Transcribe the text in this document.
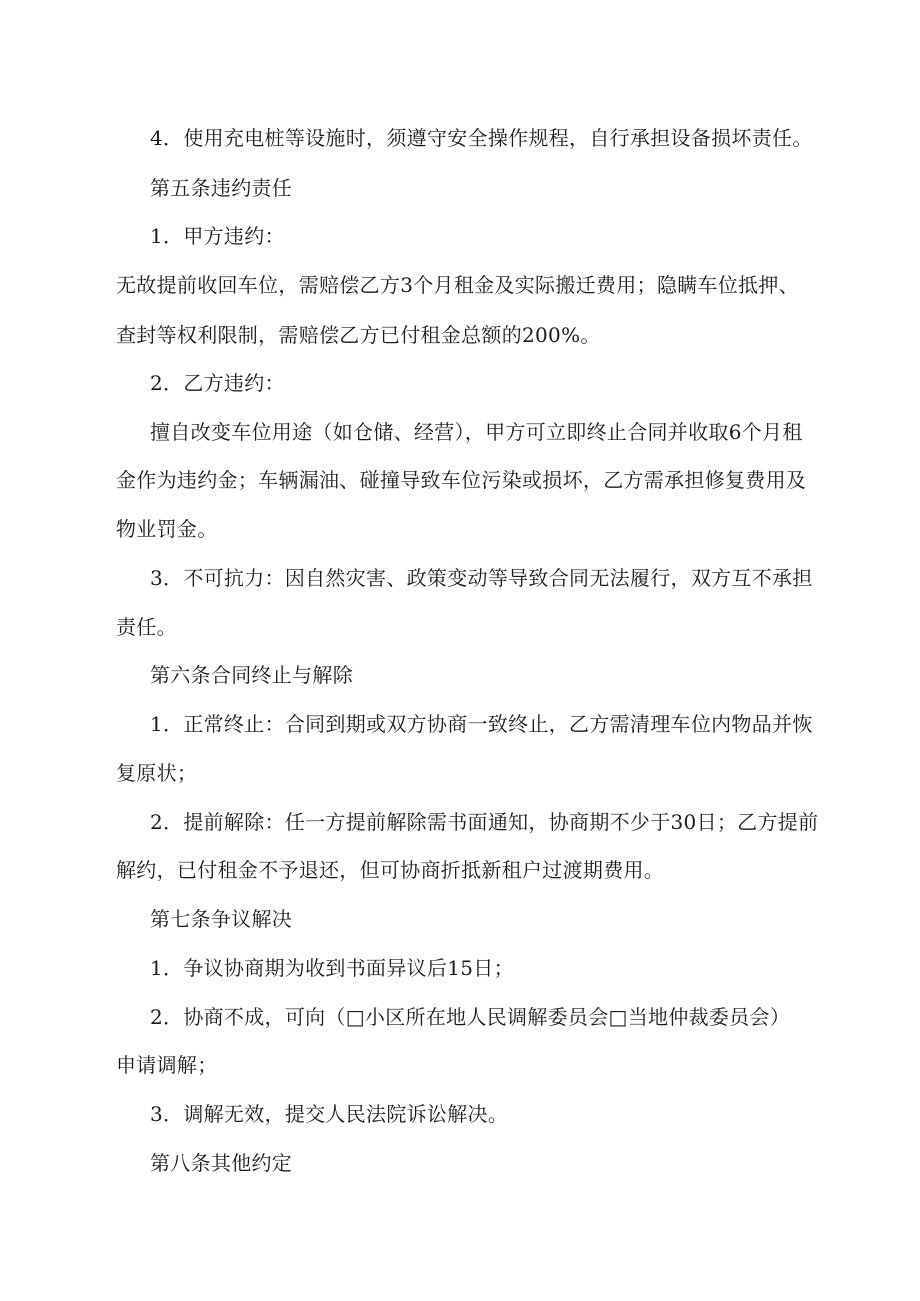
4．使用充电桩等设施时，须遵守安全操作规程，自行承担设备损坏责任。
第五条违约责任
1．甲方违约：
无故提前收回车位，需赔偿乙方3个月租金及实际搬迁费用；隐瞒车位抵押、
查封等权利限制，需赔偿乙方已付租金总额的200%。
2．乙方违约：
擅自改变车位用途（如仓储、经营），甲方可立即终止合同并收取6个月租
金作为违约金；车辆漏油、碰撞导致车位污染或损坏，乙方需承担修复费用及
物业罚金。
3．不可抗力：因自然灾害、政策变动等导致合同无法履行，双方互不承担
责任。
第六条合同终止与解除
1．正常终止：合同到期或双方协商一致终止，乙方需清理车位内物品并恢
复原状；
2．提前解除：任一方提前解除需书面通知，协商期不少于30日；乙方提前
解约，已付租金不予退还，但可协商折抵新租户过渡期费用。
第七条争议解决
1．争议协商期为收到书面异议后15日；
2．协商不成，可向（□小区所在地人民调解委员会□当地仲裁委员会）
申请调解；
3．调解无效，提交人民法院诉讼解决。
第八条其他约定
